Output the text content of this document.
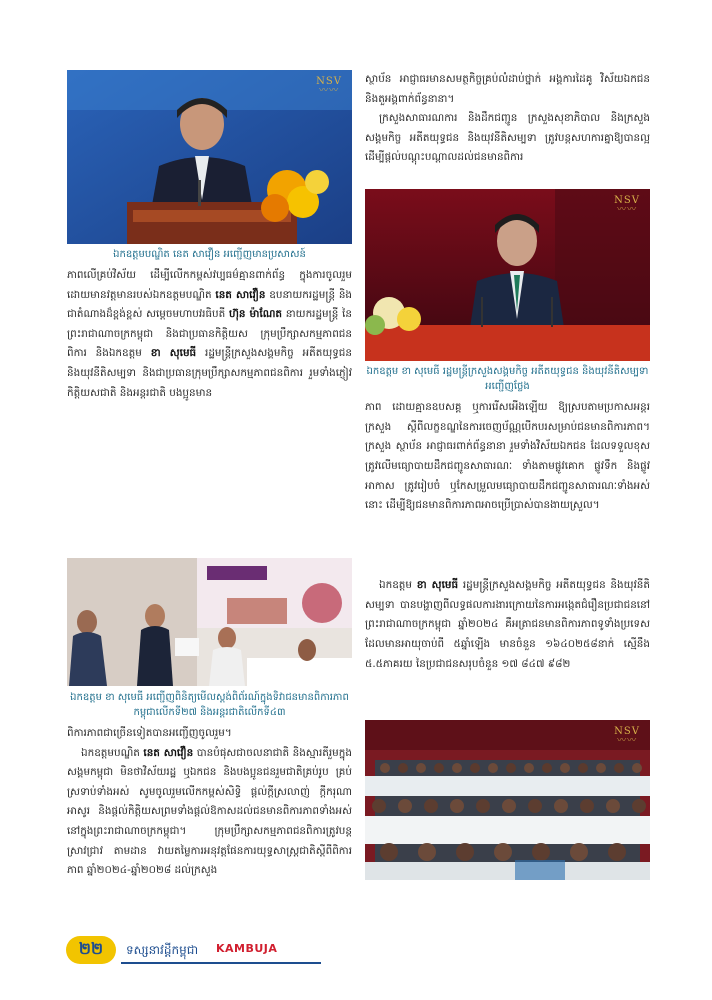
NSV
〰〰
ឯកឧត្តមបណ្ឌិត នេត សាវឿន អញ្ជើញមានប្រសាសន៍

ភាពលើគ្រប់វិស័យ ដើម្បីលើកកម្ពស់វប្បធម៌គ្មានពាក់ព័ន្ធ ក្នុងការចូលរួម ដោយមានវត្តមានរបស់ឯកឧត្តមបណ្ឌិត នេត សាវឿន ឧបនាយករដ្ឋមន្ត្រី និងជាតំណាងដ៏ខ្ពង់ខ្ពស់ សម្តេចមហាបវរធិបតី ហ៊ុន ម៉ាណែត នាយករដ្ឋមន្ត្រី នៃព្រះរាជាណាចក្រកម្ពុជា និងជាប្រធានកិត្តិយស ក្រុមប្រឹក្សាសកម្មភាពជនពិការ និងឯកឧត្តម ខា សុមេធី រដ្ឋមន្ត្រីក្រសួងសង្គមកិច្ច អតីតយុទ្ធជន និងយុវនីតិសម្បទា និងជាប្រធានក្រុមប្រឹក្សាសកម្មភាពជនពិការ រួមទាំងភ្ញៀវកិត្តិយសជាតិ និងអន្តរជាតិ បងប្អូនមាន

ឯកឧត្តម ខា សុមេធី អញ្ជើញពិនិត្យមើលស្តង់ពិព័រណ៍ក្នុងទិវាជនមានពិការភាពកម្ពុជាលើកទី២៧ និងអន្តរជាតិលើកទី៤៣

ពិការភាពជាច្រើនទៀតបានអញ្ជើញចូលរួម។

ឯកឧត្តមបណ្ឌិត នេត សាវឿន បានបំផុសជាចលនាជាតិ និងស្មារតីរួមក្នុងសង្គមកម្ពុជា មិនថាវិស័យរដ្ឋ ឬឯកជន និងបងប្អូនជនរួមជាតិគ្រប់រូប គ្រប់ស្រទាប់ទាំងអស់ សូមចូលរួមលើកកម្ពស់សិទ្ធិ ផ្តល់ក្តីស្រលាញ់ ក្តីករុណាអាសូរ និងផ្តល់កិត្តិយសព្រមទាំងផ្តល់ឱកាសដល់ជនមានពិការភាពទាំងអស់នៅក្នុងព្រះរាជាណាចក្រកម្ពុជា។ ក្រុមប្រឹក្សាសកម្មភាពជនពិការត្រូវបន្តស្រាវជ្រាវ តាមដាន វាយតម្លៃការអនុវត្តផែនការយុទ្ធសាស្ត្រជាតិស្តីពីពិការភាព ឆ្នាំ២០២៤-ឆ្នាំ២០២៨ ដល់ក្រសួង

ស្ថាប័ន អាជ្ញាធរមានសមត្ថកិច្ចគ្រប់លំដាប់ថ្នាក់ អង្គការដៃគូ វិស័យឯកជន និងតួអង្គពាក់ព័ន្ធនានា។

ក្រសួងសាធារណការ និងដឹកជញ្ជូន ក្រសួងសុខាភិបាល និងក្រសួងសង្គមកិច្ច អតីតយុទ្ធជន និងយុវនីតិសម្បទា ត្រូវបន្តសហការគ្នាឱ្យបានល្អ ដើម្បីផ្តល់បណ្តុះបណ្តាលដល់ជនមានពិការ

NSV
〰〰
ឯកឧត្តម ខា សុមេធី រដ្ឋមន្ត្រីក្រសួងសង្គមកិច្ច អតីតយុទ្ធជន និងយុវនីតិសម្បទា អញ្ជើញថ្លែង

ភាព ដោយគ្មានឧបសគ្គ ឬការរើសអើងឡើយ ឱ្យស្របតាមប្រកាសអន្តរក្រសួង ស្តីពីលក្ខខណ្ឌនៃការចេញប័ណ្ណបើកបរសម្រាប់ជនមានពិការភាព។ ក្រសួង ស្ថាប័ន អាជ្ញាធរពាក់ព័ន្ធនានា រួមទាំងវិស័យឯកជន ដែលទទួលខុសត្រូវលើមធ្យោបាយដឹកជញ្ជូនសាធារណៈ ទាំងតាមផ្លូវគោក ផ្លូវទឹក និងផ្លូវអាកាស ត្រូវរៀបចំ ឬកែសម្រួលមធ្យោបាយដឹកជញ្ជូនសាធារណៈទាំងអស់នោះ ដើម្បីឱ្យជនមានពិការភាពអាចប្រើប្រាស់បានងាយស្រួល។

ឯកឧត្តម ខា សុមេធី រដ្ឋមន្ត្រីក្រសួងសង្គមកិច្ច អតីតយុទ្ធជន និងយុវនីតិសម្បទា បានបង្ហាញពីលទ្ធផលការងារក្រោយនៃការអង្កេតជំរឿនប្រជាជននៅព្រះរាជាណាចក្រកម្ពុជា ឆ្នាំ២០២៤ គឺអត្រាជនមានពិការភាពទូទាំងប្រទេស ដែលមានអាយុចាប់ពី ៥ឆ្នាំឡើង មានចំនួន ១៦៤០២៥៨នាក់ ស្មើនឹង ៥.៥ភាគរយ នៃប្រជាជនសរុបចំនួន ១៧ ៨៤៧ ៩៨២

NSV
〰〰
២២	ទស្សនាវដ្តីកម្ពុជា KAMBUJA
